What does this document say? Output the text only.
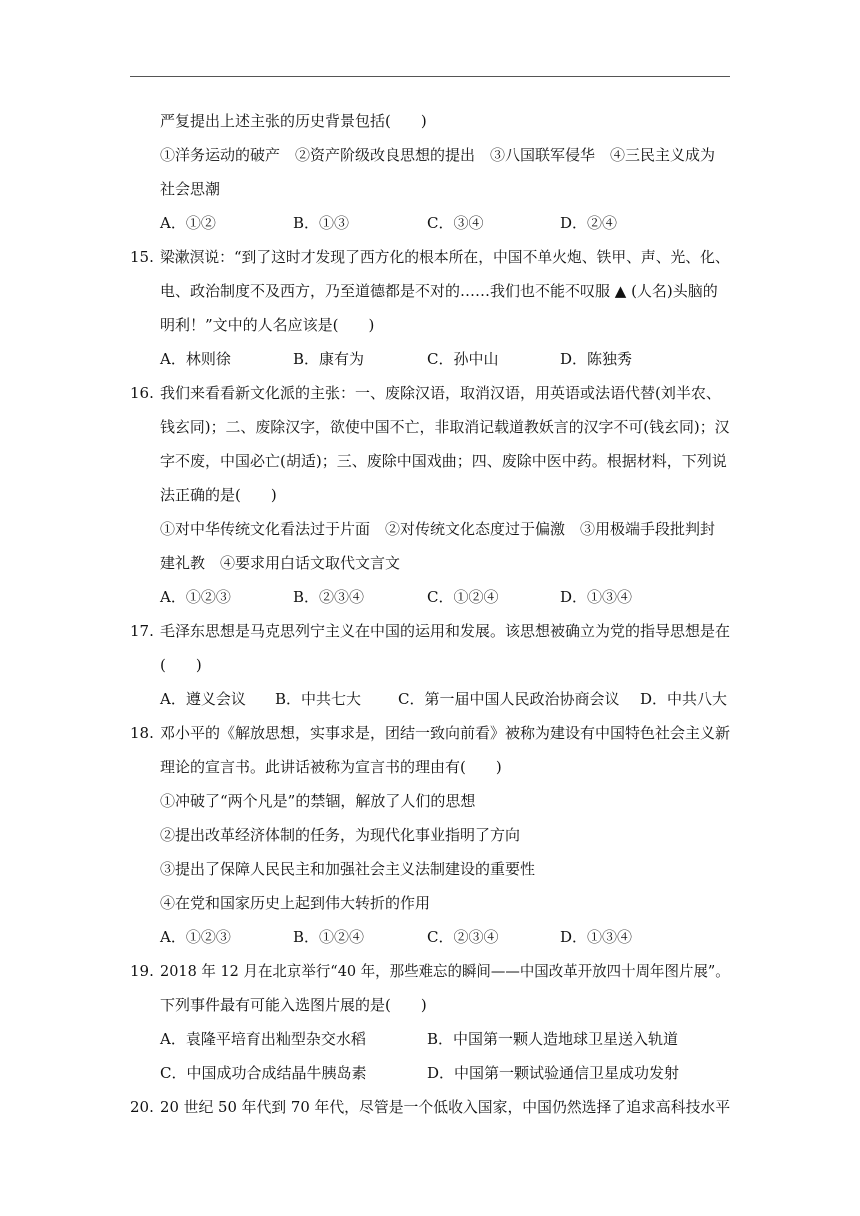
严复提出上述主张的历史背景包括(　　)
①洋务运动的破产　②资产阶级改良思想的提出　③八国联军侵华　④三民主义成为
社会思潮
A．①②	B．①③	C．③④	D．②④
15. 梁漱溟说：“到了这时才发现了西方化的根本所在，中国不单火炮、铁甲、声、光、化、
电、政治制度不及西方，乃至道德都是不对的……我们也不能不叹服 ▲ (人名)头脑的
明利！”文中的人名应该是(　　)
A．林则徐	B．康有为	C．孙中山	D．陈独秀
16. 我们来看看新文化派的主张：一、废除汉语，取消汉语，用英语或法语代替(刘半农、
钱玄同)；二、废除汉字，欲使中国不亡，非取消记载道教妖言的汉字不可(钱玄同)；汉
字不废，中国必亡(胡适)；三、废除中国戏曲；四、废除中医中药。根据材料，下列说
法正确的是(　　)
①对中华传统文化看法过于片面　②对传统文化态度过于偏激　③用极端手段批判封
建礼教　④要求用白话文取代文言文
A．①②③	B．②③④	C．①②④	D．①③④
17. 毛泽东思想是马克思列宁主义在中国的运用和发展。该思想被确立为党的指导思想是在
(　　)
A．遵义会议 B．中共七大 C．第一届中国人民政治协商会议 D．中共八大
18. 邓小平的《解放思想，实事求是，团结一致向前看》被称为建设有中国特色社会主义新
理论的宣言书。此讲话被称为宣言书的理由有(　　)
①冲破了“两个凡是”的禁锢，解放了人们的思想
②提出改革经济体制的任务，为现代化事业指明了方向
③提出了保障人民民主和加强社会主义法制建设的重要性
④在党和国家历史上起到伟大转折的作用
A．①②③	B．①②④	C．②③④	D．①③④
19. 2018 年 12 月在北京举行“40 年，那些难忘的瞬间——中国改革开放四十周年图片展”。
下列事件最有可能入选图片展的是(　　)
A．袁隆平培育出籼型杂交水稻	B．中国第一颗人造地球卫星送入轨道
C．中国成功合成结晶牛胰岛素	D．中国第一颗试验通信卫星成功发射
20. 20 世纪 50 年代到 70 年代，尽管是一个低收入国家，中国仍然选择了追求高科技水平
